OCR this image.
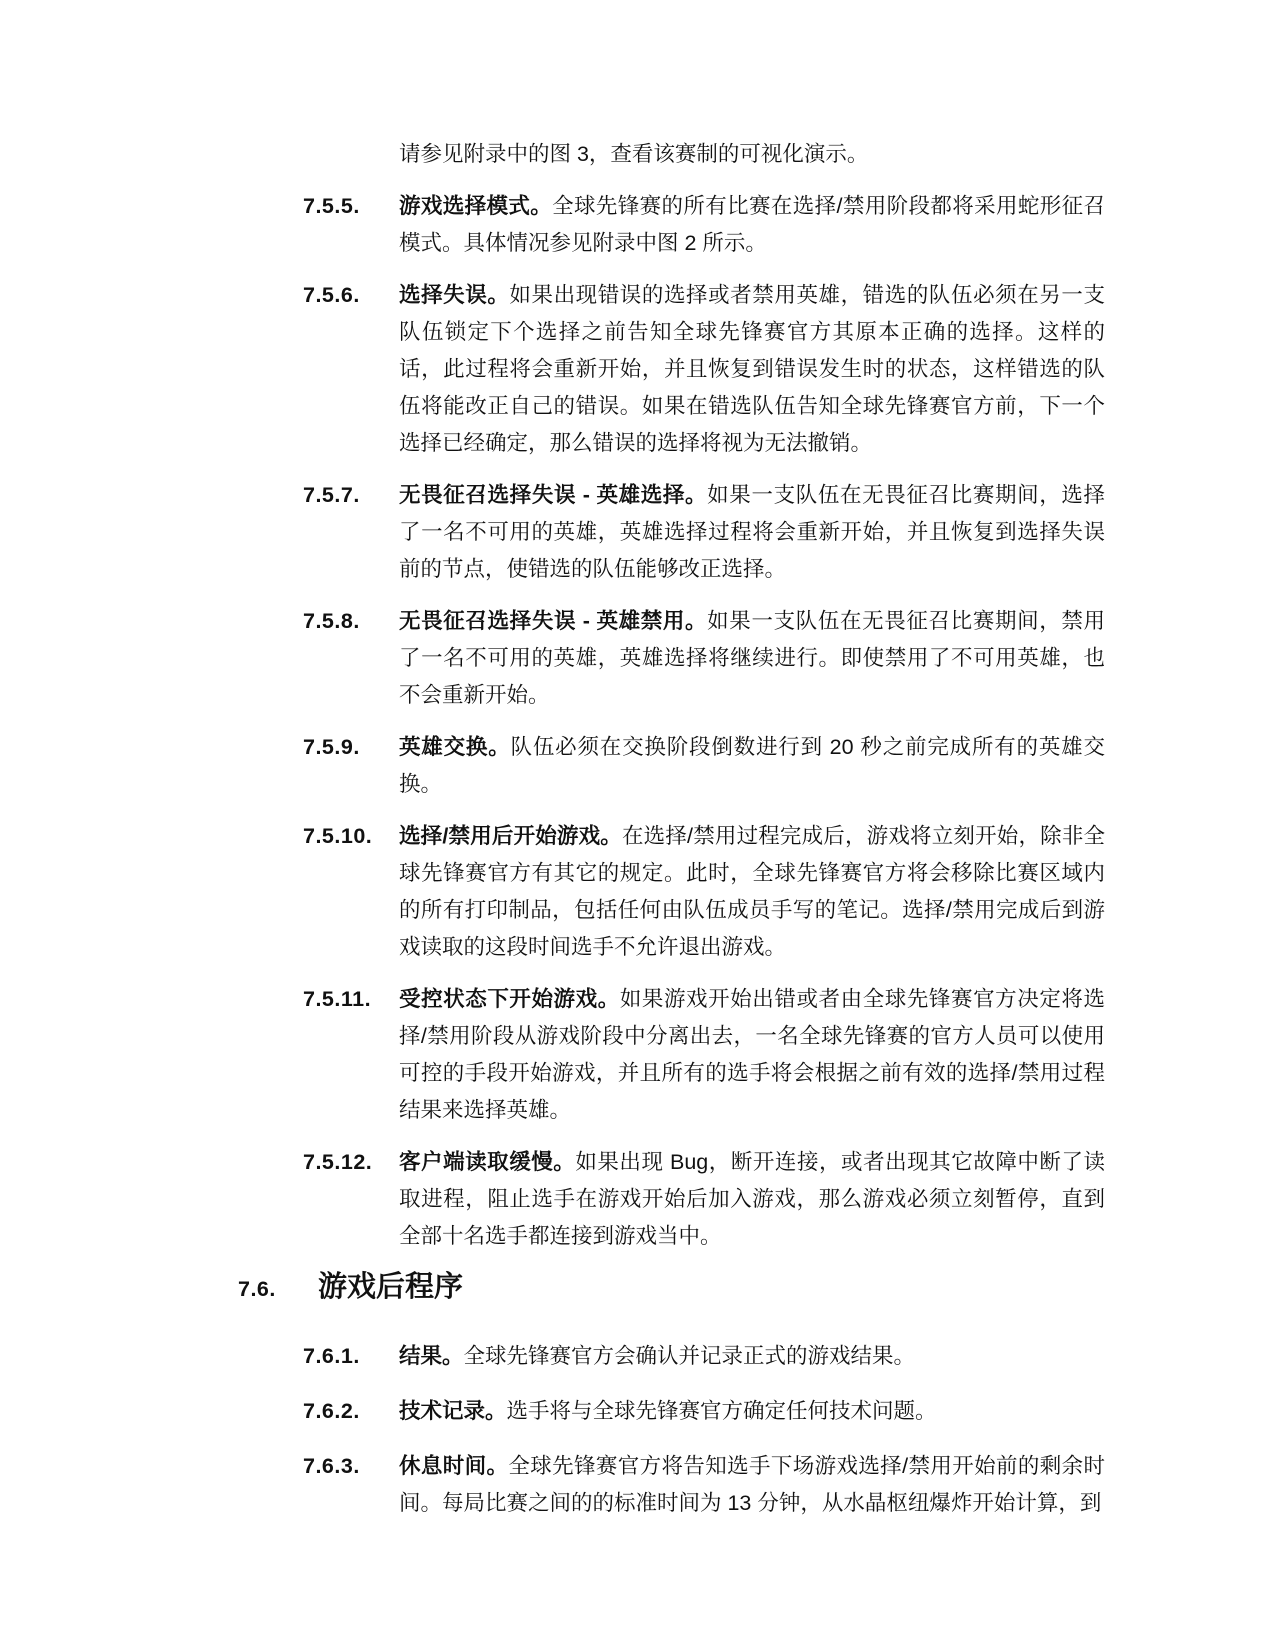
请参见附录中的图 3，查看该赛制的可视化演示。

7.5.5.	游戏选择模式。全球先锋赛的所有比赛在选择/禁用阶段都将采用蛇形征召模式。具体情况参见附录中图 2 所示。
7.5.6.	选择失误。如果出现错误的选择或者禁用英雄，错选的队伍必须在另一支队伍锁定下个选择之前告知全球先锋赛官方其原本正确的选择。这样的话，此过程将会重新开始，并且恢复到错误发生时的状态，这样错选的队伍将能改正自己的错误。如果在错选队伍告知全球先锋赛官方前，下一个选择已经确定，那么错误的选择将视为无法撤销。
7.5.7.	无畏征召选择失误 - 英雄选择。如果一支队伍在无畏征召比赛期间，选择了一名不可用的英雄，英雄选择过程将会重新开始，并且恢复到选择失误前的节点，使错选的队伍能够改正选择。
7.5.8.	无畏征召选择失误 - 英雄禁用。如果一支队伍在无畏征召比赛期间，禁用了一名不可用的英雄，英雄选择将继续进行。即使禁用了不可用英雄，也不会重新开始。
7.5.9.	英雄交换。队伍必须在交换阶段倒数进行到 20 秒之前完成所有的英雄交换。
7.5.10.	选择/禁用后开始游戏。在选择/禁用过程完成后，游戏将立刻开始，除非全球先锋赛官方有其它的规定。此时，全球先锋赛官方将会移除比赛区域内的所有打印制品，包括任何由队伍成员手写的笔记。选择/禁用完成后到游戏读取的这段时间选手不允许退出游戏。
7.5.11.	受控状态下开始游戏。如果游戏开始出错或者由全球先锋赛官方决定将选择/禁用阶段从游戏阶段中分离出去，一名全球先锋赛的官方人员可以使用可控的手段开始游戏，并且所有的选手将会根据之前有效的选择/禁用过程结果来选择英雄。
7.5.12.	客户端读取缓慢。如果出现 Bug，断开连接，或者出现其它故障中断了读取进程，阻止选手在游戏开始后加入游戏，那么游戏必须立刻暂停，直到全部十名选手都连接到游戏当中。
7.6.	游戏后程序
7.6.1.	结果。全球先锋赛官方会确认并记录正式的游戏结果。
7.6.2.	技术记录。选手将与全球先锋赛官方确定任何技术问题。
7.6.3.	休息时间。全球先锋赛官方将告知选手下场游戏选择/禁用开始前的剩余时间。每局比赛之间的的标准时间为 13 分钟，从水晶枢纽爆炸开始计算，到
